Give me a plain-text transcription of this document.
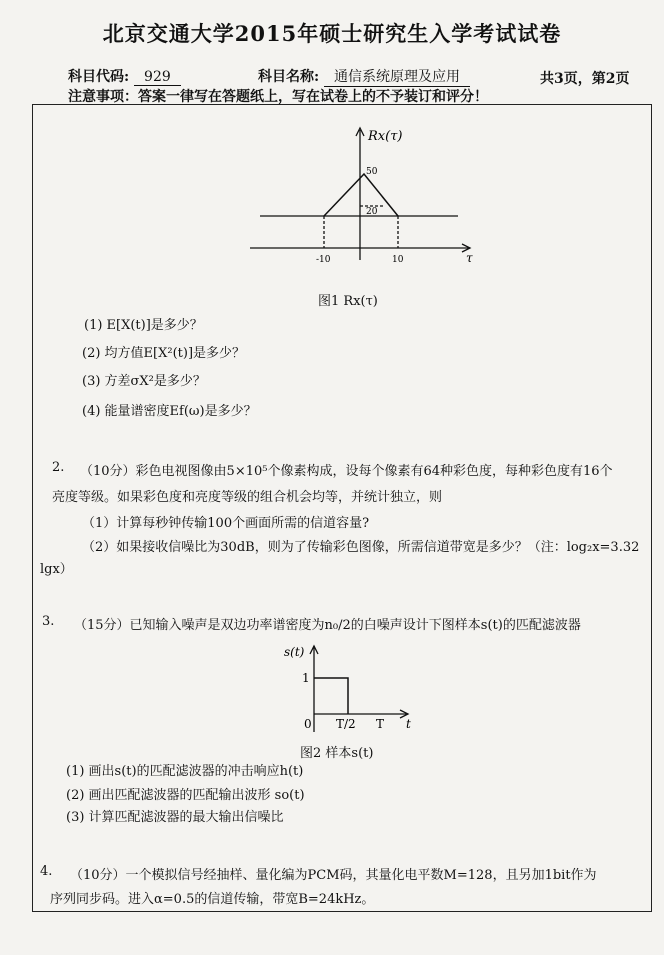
北京交通大学2015年硕士研究生入学考试试卷
科目代码: 929	科目名称: 通信系统原理及应用	共3页，第2页
注意事项：答案一律写在答题纸上，写在试卷上的不予装订和评分！
Rx(τ)
50
20
-10	10	τ
图1 Rx(τ)
(1) E[X(t)]是多少？
(2) 均方值E[X²(t)]是多少？
(3) 方差σX²是多少？
(4) 能量谱密度Ef(ω)是多少？
2. （10分）彩色电视图像由5×10⁵个像素构成，设每个像素有64种彩色度，每种彩色度有16个
亮度等级。如果彩色度和亮度等级的组合机会均等，并统计独立，则
（1）计算每秒钟传输100个画面所需的信道容量?
（2）如果接收信噪比为30dB，则为了传输彩色图像，所需信道带宽是多少？（注：log₂x=3.32
lgx）
3. （15分）已知输入噪声是双边功率谱密度为n₀/2的白噪声设计下图样本s(t)的匹配滤波器
s(t)
1
0 T/2 T t
图2 样本s(t)
(1) 画出s(t)的匹配滤波器的冲击响应h(t)
(2) 画出匹配滤波器的匹配输出波形 so(t)
(3) 计算匹配滤波器的最大输出信噪比
4. （10分）一个模拟信号经抽样、量化编为PCM码，其量化电平数M=128，且另加1bit作为
序列同步码。进入α=0.5的信道传输，带宽B=24kHz。
